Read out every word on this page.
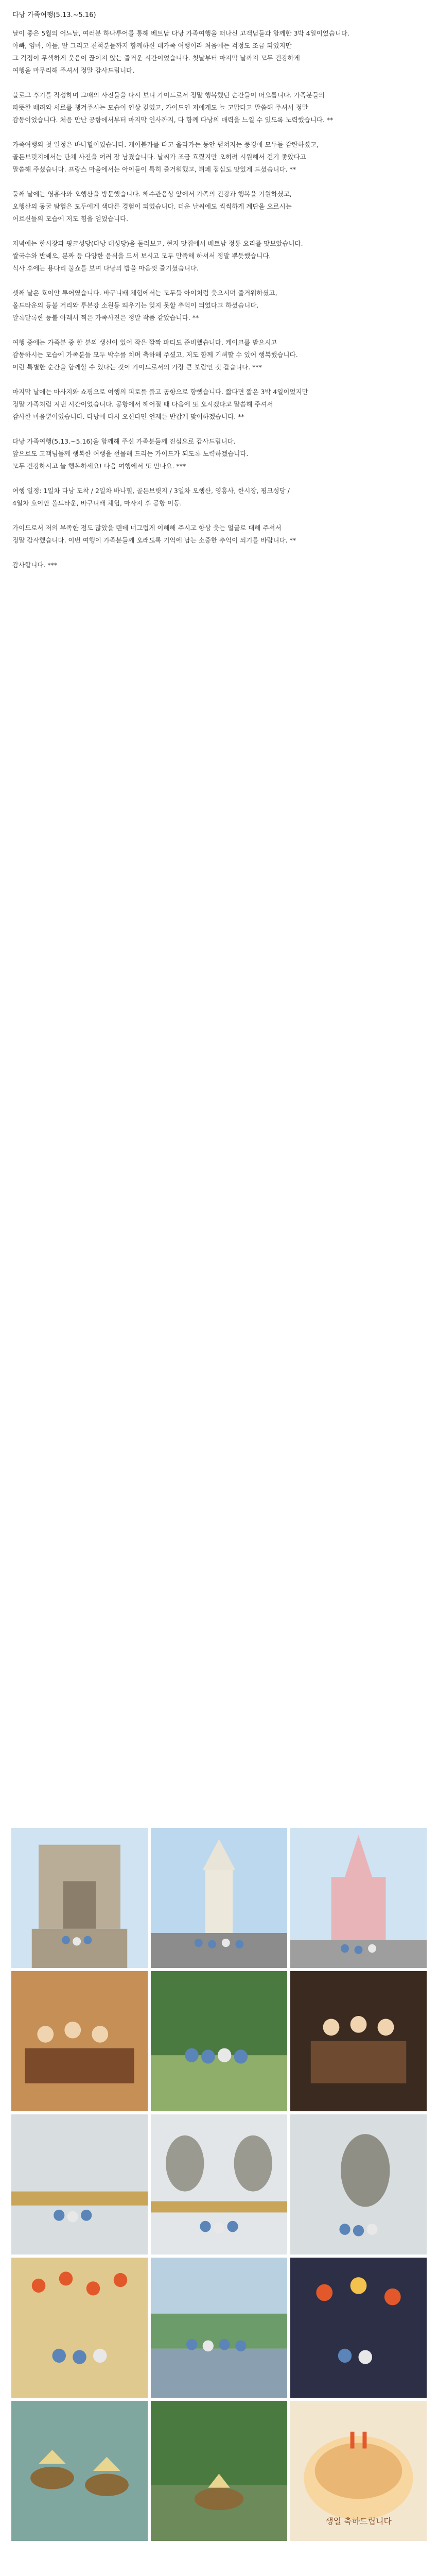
다낭 가족여행(5.13.~5.16)

날이 좋은 5월의 어느날, 여러분 하나투어를 통해 베트남 다낭 가족여행을 떠나신 고객님들과 함께한 3박 4일이었습니다.
아빠, 엄마, 아들, 딸 그리고 친척분들까지 함께하신 대가족 여행이라 처음에는 걱정도 조금 되었지만
그 걱정이 무색하게 웃음이 끊이지 않는 즐거운 시간이었습니다. 첫날부터 마지막 날까지 모두 건강하게
여행을 마무리해 주셔서 정말 감사드립니다.

블로그 후기를 작성하며 그때의 사진들을 다시 보니 가이드로서 정말 행복했던 순간들이 떠오릅니다. 가족분들의
따뜻한 배려와 서로를 챙겨주시는 모습이 인상 깊었고, 가이드인 저에게도 늘 고맙다고 말씀해 주셔서 정말
감동이었습니다. 처음 만난 공항에서부터 마지막 인사까지, 다 함께 다낭의 매력을 느낄 수 있도록 노력했습니다. **

가족여행의 첫 일정은 바나힐이었습니다. 케이블카를 타고 올라가는 동안 펼쳐지는 풍경에 모두들 감탄하셨고,
골든브릿지에서는 단체 사진을 여러 장 남겼습니다. 날씨가 조금 흐렸지만 오히려 시원해서 걷기 좋았다고
말씀해 주셨습니다. 프랑스 마을에서는 아이들이 특히 즐거워했고, 뷔페 점심도 맛있게 드셨습니다. **

둘째 날에는 영흥사와 오행산을 방문했습니다. 해수관음상 앞에서 가족의 건강과 행복을 기원하셨고,
오행산의 동굴 탐험은 모두에게 색다른 경험이 되었습니다. 더운 날씨에도 씩씩하게 계단을 오르시는
어르신들의 모습에 저도 힘을 얻었습니다.

저녁에는 한시장과 핑크성당(다낭 대성당)을 둘러보고, 현지 맛집에서 베트남 정통 요리를 맛보았습니다.
쌀국수와 반쎄오, 분짜 등 다양한 음식을 드셔 보시고 모두 만족해 하셔서 정말 뿌듯했습니다.
식사 후에는 용다리 불쇼를 보며 다낭의 밤을 마음껏 즐기셨습니다.

셋째 날은 호이안 투어였습니다. 바구니배 체험에서는 모두들 아이처럼 웃으시며 즐거워하셨고,
올드타운의 등불 거리와 투본강 소원등 띄우기는 잊지 못할 추억이 되었다고 하셨습니다.
알록달록한 등불 아래서 찍은 가족사진은 정말 작품 같았습니다. **

여행 중에는 가족분 중 한 분의 생신이 있어 작은 깜짝 파티도 준비했습니다. 케이크를 받으시고
감동하시는 모습에 가족분들 모두 박수를 치며 축하해 주셨고, 저도 함께 기뻐할 수 있어 행복했습니다.
이런 특별한 순간을 함께할 수 있다는 것이 가이드로서의 가장 큰 보람인 것 같습니다. ***

마지막 날에는 마사지와 쇼핑으로 여행의 피로를 풀고 공항으로 향했습니다. 짧다면 짧은 3박 4일이었지만
정말 가족처럼 지낸 시간이었습니다. 공항에서 헤어질 때 다음에 또 오시겠다고 말씀해 주셔서
감사한 마음뿐이었습니다. 다낭에 다시 오신다면 언제든 반갑게 맞이하겠습니다. **

다낭 가족여행(5.13.~5.16)을 함께해 주신 가족분들께 진심으로 감사드립니다.
앞으로도 고객님들께 행복한 여행을 선물해 드리는 가이드가 되도록 노력하겠습니다.
모두 건강하시고 늘 행복하세요! 다음 여행에서 또 만나요. ***

여행 일정: 1일차 다낭 도착 / 2일차 바나힐, 골든브릿지 / 3일차 오행산, 영흥사, 한시장, 핑크성당 /
4일차 호이안 올드타운, 바구니배 체험, 마사지 후 공항 이동.

가이드로서 저의 부족한 점도 많았을 텐데 너그럽게 이해해 주시고 항상 웃는 얼굴로 대해 주셔서
정말 감사했습니다. 이번 여행이 가족분들께 오래도록 기억에 남는 소중한 추억이 되기를 바랍니다. **

감사합니다. ***

생일 축하드립니다
